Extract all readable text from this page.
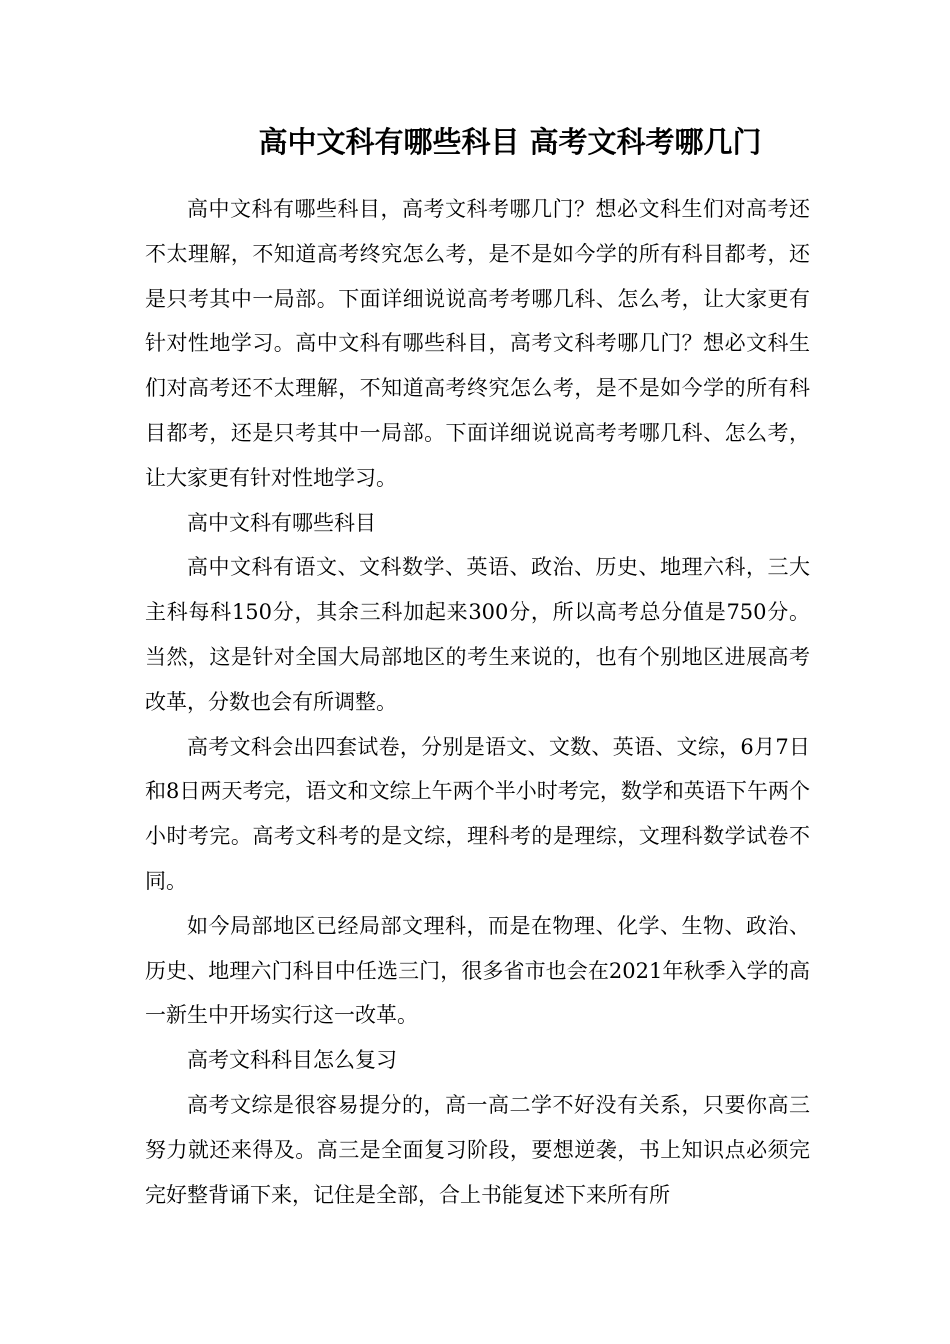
高中文科有哪些科目 高考文科考哪几门

高中文科有哪些科目，高考文科考哪几门？想必文科生们对高考还不太理解，不知道高考终究怎么考，是不是如今学的所有科目都考，还是只考其中一局部。下面详细说说高考考哪几科、怎么考，让大家更有针对性地学习。高中文科有哪些科目，高考文科考哪几门？想必文科生们对高考还不太理解，不知道高考终究怎么考，是不是如今学的所有科目都考，还是只考其中一局部。下面详细说说高考考哪几科、怎么考，让大家更有针对性地学习。

高中文科有哪些科目

高中文科有语文、文科数学、英语、政治、历史、地理六科，三大主科每科150分，其余三科加起来300分，所以高考总分值是750分。当然，这是针对全国大局部地区的考生来说的，也有个别地区进展高考改革，分数也会有所调整。

高考文科会出四套试卷，分别是语文、文数、英语、文综，6月7日和8日两天考完，语文和文综上午两个半小时考完，数学和英语下午两个小时考完。高考文科考的是文综，理科考的是理综，文理科数学试卷不同。

如今局部地区已经局部文理科，而是在物理、化学、生物、政治、历史、地理六门科目中任选三门，很多省市也会在2021年秋季入学的高一新生中开场实行这一改革。

高考文科科目怎么复习

高考文综是很容易提分的，高一高二学不好没有关系，只要你高三努力就还来得及。高三是全面复习阶段，要想逆袭，书上知识点必须完完好整背诵下来，记住是全部，合上书能复述下来所有所
